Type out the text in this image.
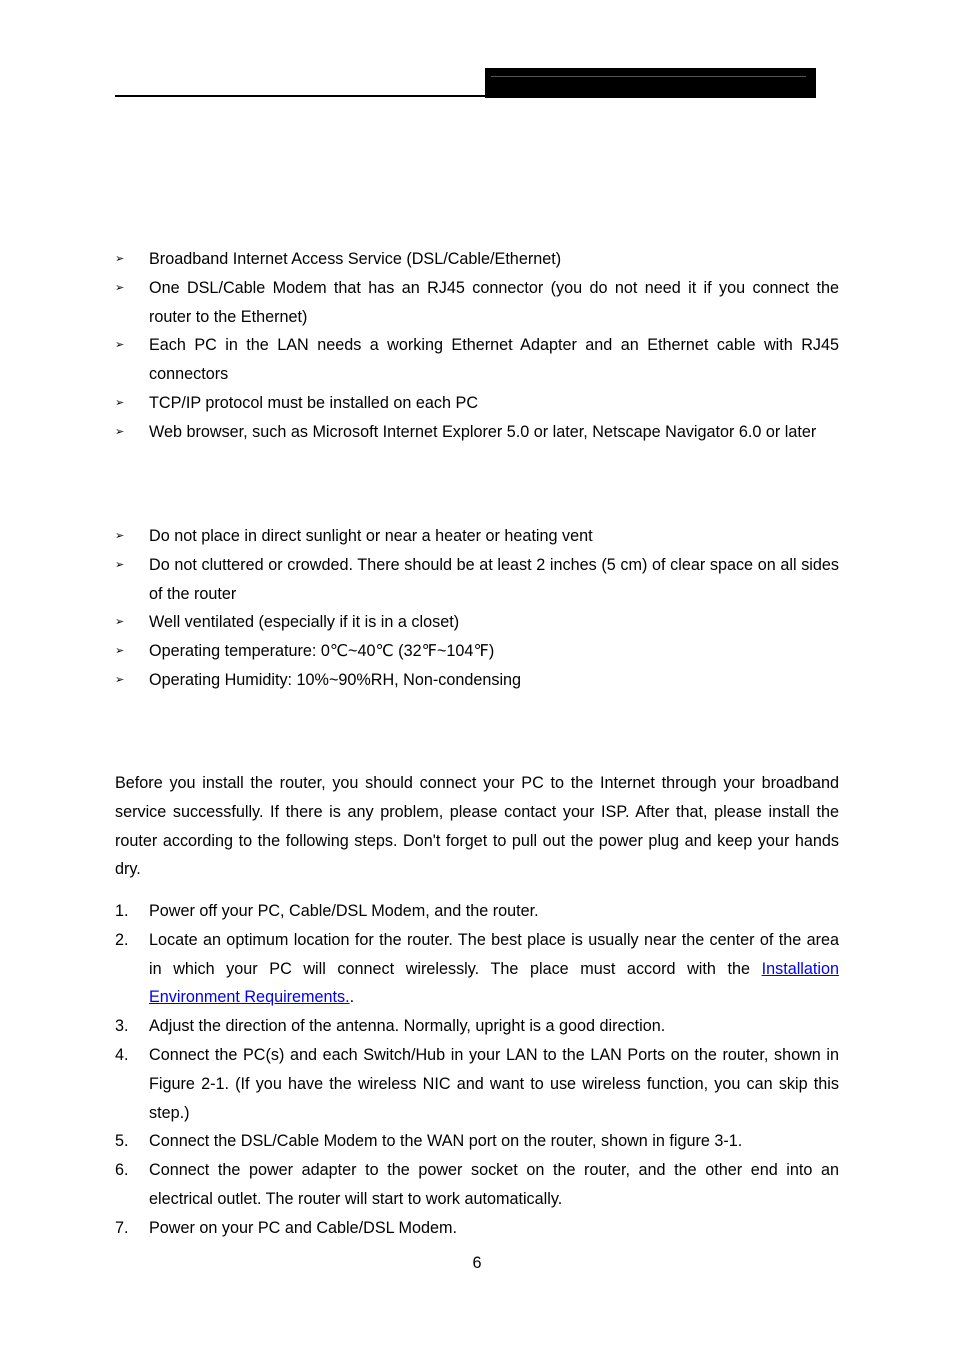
➢	Broadband Internet Access Service (DSL/Cable/Ethernet)
➢	One DSL/Cable Modem that has an RJ45 connector (you do not need it if you connect the router to the Ethernet)
➢	Each PC in the LAN needs a working Ethernet Adapter and an Ethernet cable with RJ45 connectors
➢	TCP/IP protocol must be installed on each PC
➢	Web browser, such as Microsoft Internet Explorer 5.0 or later, Netscape Navigator 6.0 or later
➢	Do not place in direct sunlight or near a heater or heating vent
➢	Do not cluttered or crowded. There should be at least 2 inches (5 cm) of clear space on all sides of the router
➢	Well ventilated (especially if it is in a closet)
➢	Operating temperature: 0℃~40℃ (32℉~104℉)
➢	Operating Humidity: 10%~90%RH, Non-condensing

Before you install the router, you should connect your PC to the Internet through your broadband service successfully. If there is any problem, please contact your ISP. After that, please install the router according to the following steps. Don't forget to pull out the power plug and keep your hands dry.

1.	Power off your PC, Cable/DSL Modem, and the router.
2.	Locate an optimum location for the router. The best place is usually near the center of the area in which your PC will connect wirelessly. The place must accord with the Installation Environment Requirements..
3.	Adjust the direction of the antenna. Normally, upright is a good direction.
4.	Connect the PC(s) and each Switch/Hub in your LAN to the LAN Ports on the router, shown in Figure 2-1. (If you have the wireless NIC and want to use wireless function, you can skip this step.)
5.	Connect the DSL/Cable Modem to the WAN port on the router, shown in figure 3-1.
6.	Connect the power adapter to the power socket on the router, and the other end into an electrical outlet. The router will start to work automatically.
7.	Power on your PC and Cable/DSL Modem.
6
